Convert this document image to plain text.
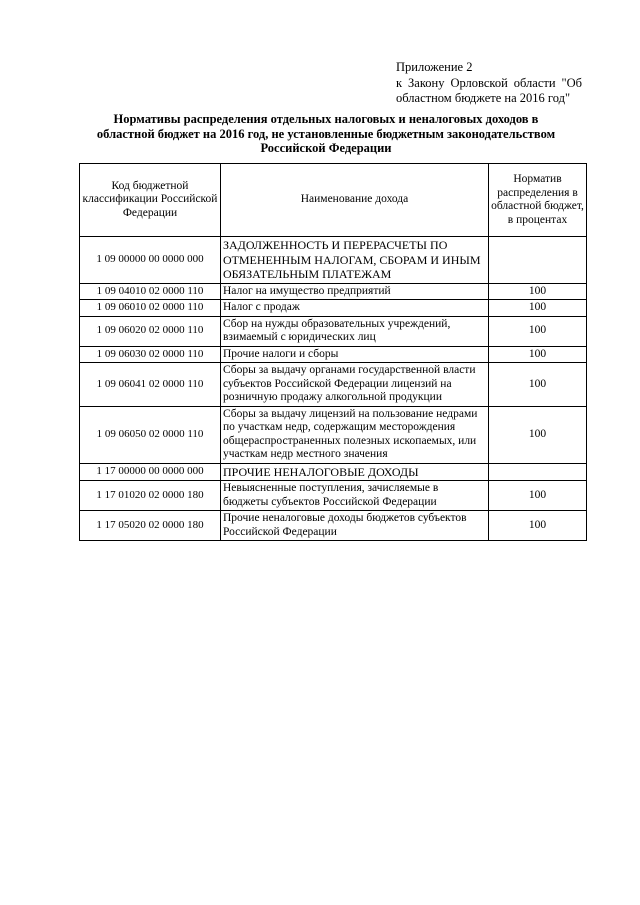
Приложение 2
к Закону Орловской области "Об
областном бюджете на 2016 год"
Нормативы распределения отдельных налоговых и неналоговых доходов в областной бюджет на 2016 год, не установленные бюджетным законодательством Российской Федерации
Код бюджетной классификации Российской Федерации	Наименование дохода	Норматив распределения в областной бюджет, в процентах
1 09 00000 00 0000 000	ЗАДОЛЖЕННОСТЬ И ПЕРЕРАСЧЕТЫ ПО ОТМЕНЕННЫМ НАЛОГАМ, СБОРАМ И ИНЫМ ОБЯЗАТЕЛЬНЫМ ПЛАТЕЖАМ	
1 09 04010 02 0000 110	Налог на имущество предприятий	100
1 09 06010 02 0000 110	Налог с продаж	100
1 09 06020 02 0000 110	Сбор на нужды образовательных учреждений, взимаемый с юридических лиц	100
1 09 06030 02 0000 110	Прочие налоги и сборы	100
1 09 06041 02 0000 110	Сборы за выдачу органами государственной власти субъектов Российской Федерации лицензий на розничную продажу алкогольной продукции	100
1 09 06050 02 0000 110	Сборы за выдачу лицензий на пользование недрами по участкам недр, содержащим месторождения общераспространенных полезных ископаемых, или участкам недр местного значения	100
1 17 00000 00 0000 000	ПРОЧИЕ НЕНАЛОГОВЫЕ ДОХОДЫ	
1 17 01020 02 0000 180	Невыясненные поступления, зачисляемые в бюджеты субъектов Российской Федерации	100
1 17 05020 02 0000 180	Прочие неналоговые доходы бюджетов субъектов Российской Федерации	100
